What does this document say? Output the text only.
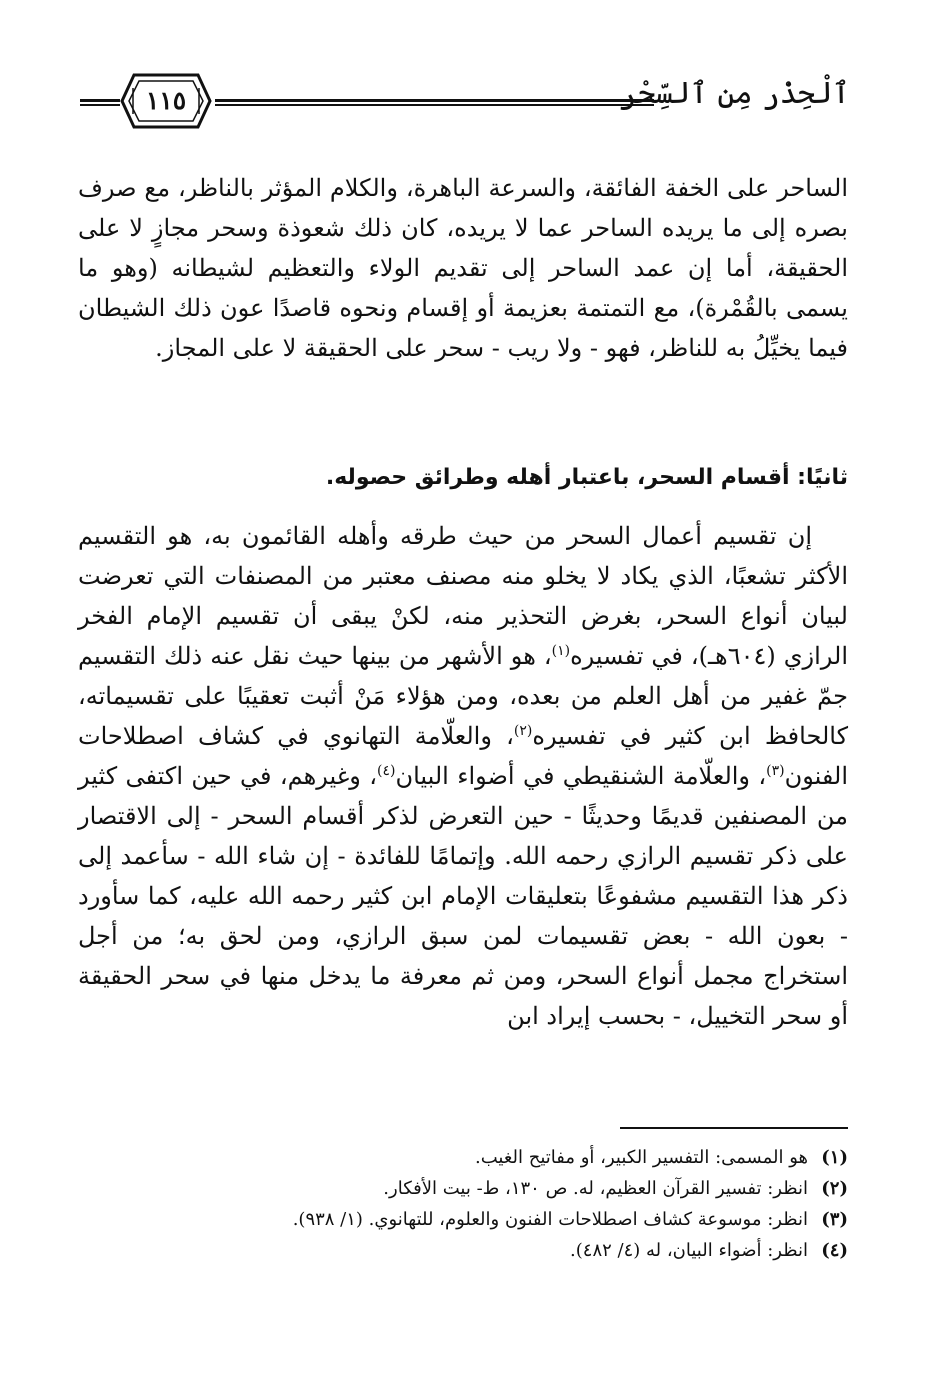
ٱلْحِذْر مِن ٱلسِّحْر
١١٥

الساحر على الخفة الفائقة، والسرعة الباهرة، والكلام المؤثر بالناظر، مع صرف بصره إلى ما يريده الساحر عما لا يريده، كان ذلك شعوذة وسحر مجازٍ لا على الحقيقة، أما إن عمد الساحر إلى تقديم الولاء والتعظيم لشيطانه (وهو ما يسمى بالقُمْرة)، مع التمتمة بعزيمة أو إقسام ونحوه قاصدًا عون ذلك الشيطان فيما يخيِّلُ به للناظر، فهو - ولا ريب - سحر على الحقيقة لا على المجاز.

ثانيًا: أقسام السحر، باعتبار أهله وطرائق حصوله.

إن تقسيم أعمال السحر من حيث طرقه وأهله القائمون به، هو التقسيم الأكثر تشعبًا، الذي يكاد لا يخلو منه مصنف معتبر من المصنفات التي تعرضت لبيان أنواع السحر، بغرض التحذير منه، لكنْ يبقى أن تقسيم الإمام الفخر الرازي (٦٠٤هـ)، في تفسيره$^{(١)}$، هو الأشهر من بينها حيث نقل عنه ذلك التقسيم جمّ غفير من أهل العلم من بعده، ومن هؤلاء مَنْ أثبت تعقيبًا على تقسيماته، كالحافظ ابن كثير في تفسيره$^{(٢)}$، والعلّامة التهانوي في كشاف اصطلاحات الفنون$^{(٣)}$، والعلّامة الشنقيطي في أضواء البيان$^{(٤)}$، وغيرهم، في حين اكتفى كثير من المصنفين قديمًا وحديثًا - حين التعرض لذكر أقسام السحر - إلى الاقتصار على ذكر تقسيم الرازي رحمه الله. وإتمامًا للفائدة - إن شاء الله - سأعمد إلى ذكر هذا التقسيم مشفوعًا بتعليقات الإمام ابن كثير رحمه الله عليه، كما سأورد - بعون الله - بعض تقسيمات لمن سبق الرازي، ومن لحق به؛ من أجل استخراج مجمل أنواع السحر، ومن ثم معرفة ما يدخل منها في سحر الحقيقة أو سحر التخييل، - بحسب إيراد ابن

(١)هو المسمى: التفسير الكبير، أو مفاتيح الغيب.
(٢)انظر: تفسير القرآن العظيم، له. ص ١٣٠، ط- بيت الأفكار.
(٣)انظر: موسوعة كشاف اصطلاحات الفنون والعلوم، للتهانوي. (١/ ٩٣٨).
(٤)انظر: أضواء البيان، له (٤/ ٤٨٢).
